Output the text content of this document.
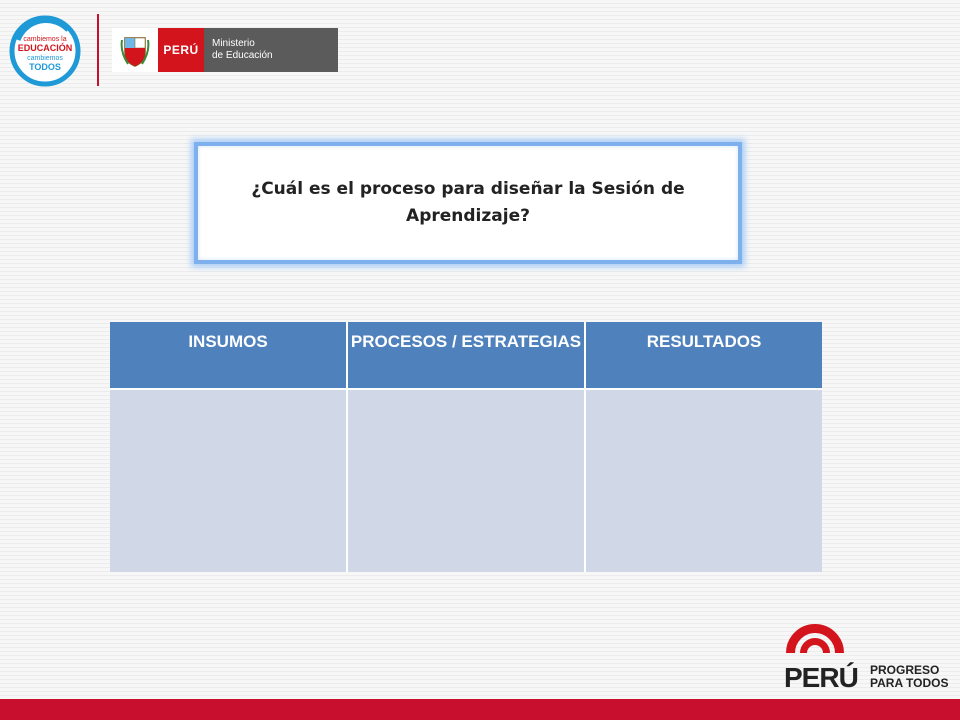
cambiemos la
EDUCACIÓN
cambiemos
TODOS
PERÚ	Ministerio
de Educación
¿Cuál es el proceso para diseñar la Sesión de Aprendizaje?
INSUMOS	PROCESOS / ESTRATEGIAS	RESULTADOS
PERÚ PROGRESO
PARA TODOS
